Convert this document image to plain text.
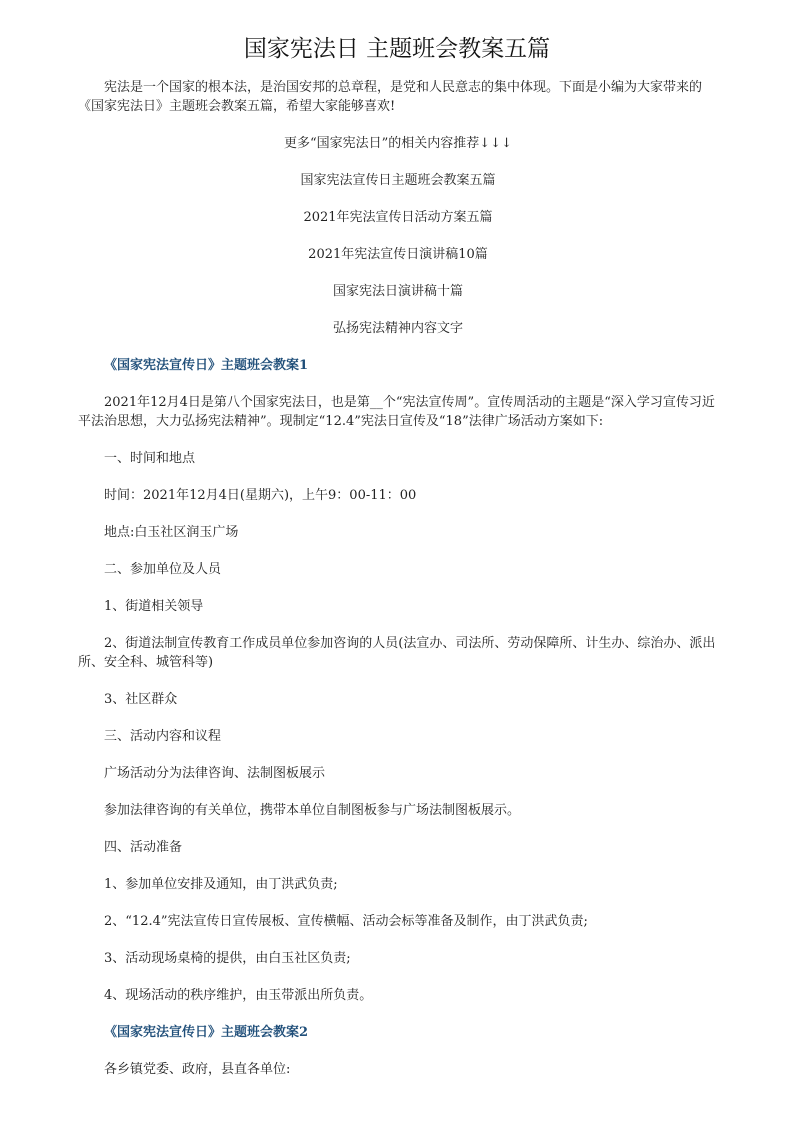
国家宪法日 主题班会教案五篇

宪法是一个国家的根本法，是治国安邦的总章程，是党和人民意志的集中体现。下面是小编为大家带来的《国家宪法日》主题班会教案五篇，希望大家能够喜欢!

更多“国家宪法日”的相关内容推荐↓↓↓

国家宪法宣传日主题班会教案五篇

2021年宪法宣传日活动方案五篇

2021年宪法宣传日演讲稿10篇

国家宪法日演讲稿十篇

弘扬宪法精神内容文字

《国家宪法宣传日》主题班会教案1

2021年12月4日是第八个国家宪法日，也是第__个“宪法宣传周”。宣传周活动的主题是“深入学习宣传习近平法治思想，大力弘扬宪法精神”。现制定“12.4”宪法日宣传及“18”法律广场活动方案如下:

一、时间和地点

时间：2021年12月4日(星期六)，上午9：00-11：00

地点:白玉社区润玉广场

二、参加单位及人员

1、街道相关领导

2、街道法制宣传教育工作成员单位参加咨询的人员(法宣办、司法所、劳动保障所、计生办、综治办、派出所、安全科、城管科等)

3、社区群众

三、活动内容和议程

广场活动分为法律咨询、法制图板展示

参加法律咨询的有关单位，携带本单位自制图板参与广场法制图板展示。

四、活动准备

1、参加单位安排及通知，由丁洪武负责;

2、“12.4”宪法宣传日宣传展板、宣传横幅、活动会标等准备及制作，由丁洪武负责;

3、活动现场桌椅的提供，由白玉社区负责;

4、现场活动的秩序维护，由玉带派出所负责。

《国家宪法宣传日》主题班会教案2

各乡镇党委、政府，县直各单位:
